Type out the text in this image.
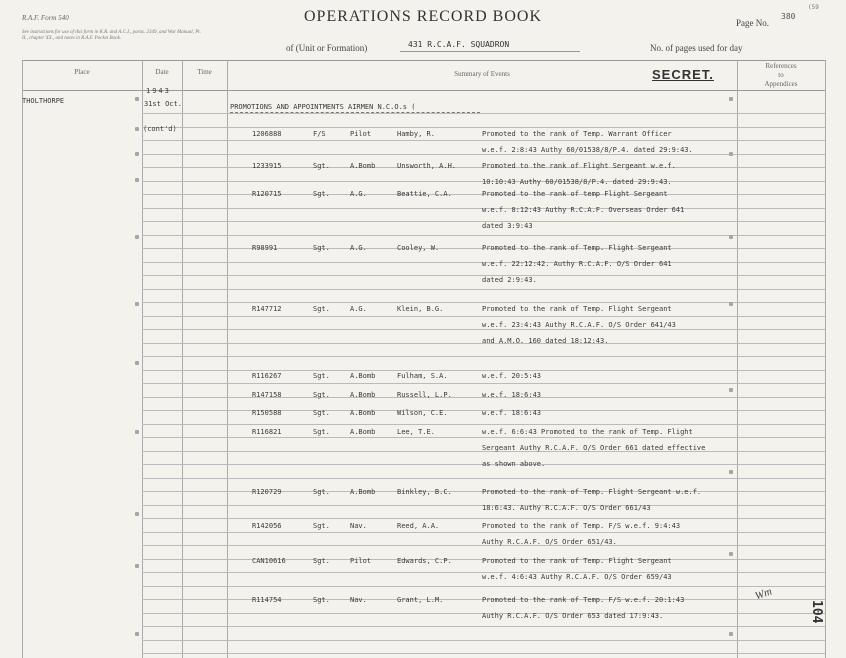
R.A.F. Form 540
See instructions for use of this form in K.R. and A.C.I., paras. 2349, and War Manual, Pt. II., chapter XX., and notes in R.A.F. Pocket Book.
OPERATIONS RECORD BOOK	Page No.
380
(59
of (Unit or Formation)	431 R.C.A.F. SQUADRON	No. of pages used for day
Place	Date	Time	Summary of Events	SECRET.
References
to
Appendices
THOLTHORPE
1943
31st Oct.
(cont'd)
PROMOTIONS AND APPOINTMENTS AIRMEN N.C.O.s (
1206888	F/S	Pilot	Hamby, R.	Promoted to the rank of Temp. Warrant Officer
w.e.f. 2:8:43 Authy 60/01538/8/P.4. dated 29:9:43.
1233915	Sgt.	A.Bomb	Unsworth, A.H.	Promoted to the rank of Flight Sergeant w.e.f.
10:10:43 Authy 60/01538/8/P.4. dated 29:9:43.
R120715	Sgt.	A.G.	Beattie, C.A.	Promoted to the rank of temp Flight Sergeant
w.e.f. 8:12:43 Authy R.C.A.F. Overseas Order 641
dated 3:9:43
R98991	Sgt.	A.G.	Cooley, W.	Promoted to the rank of Temp. Flight Sergeant
w.e.f. 22:12:42. Authy R.C.A.F. O/S Order 641
dated 2:9:43.
R147712	Sgt.	A.G.	Klein, B.G.	Promoted to the rank of Temp. Flight Sergeant
w.e.f. 23:4:43 Authy R.C.A.F. O/S Order 641/43
and A.M.O. 160 dated 18:12:43.
R116267	Sgt.	A.Bomb	Fulham, S.A.	w.e.f. 20:5:43
R147158	Sgt.	A.Bomb	Russell, L.P.	w.e.f. 18:6:43
R150588	Sgt.	A.Bomb	Wilson, C.E.	w.e.f. 18:6:43
R116821	Sgt.	A.Bomb	Lee, T.E.	w.e.f. 6:6:43 Promoted to the rank of Temp. Flight
Sergeant Authy R.C.A.F. O/S Order 661 dated effective
as shown above.
R120729	Sgt.	A.Bomb	Binkley, B.C.	Promoted to the rank of Temp. Flight Sergeant w.e.f.
18:6:43. Authy R.C.A.F. O/S Order 661/43
R142056	Sgt.	Nav.	Reed, A.A.	Promoted to the rank of Temp. F/S w.e.f. 9:4:43
Authy R.C.A.F. O/S Order 651/43.
CAN10616	Sgt.	Pilot	Edwards, C.P.	Promoted to the rank of Temp. Flight Sergeant
w.e.f. 4:6:43 Authy R.C.A.F. O/S Order 659/43
R114754	Sgt.	Nav.	Grant, L.M.	Promoted to the rank of Temp. F/S w.e.f. 20:1:43
Authy R.C.A.F. O/S Order 653 dated 17:9:43.
Wm
104
